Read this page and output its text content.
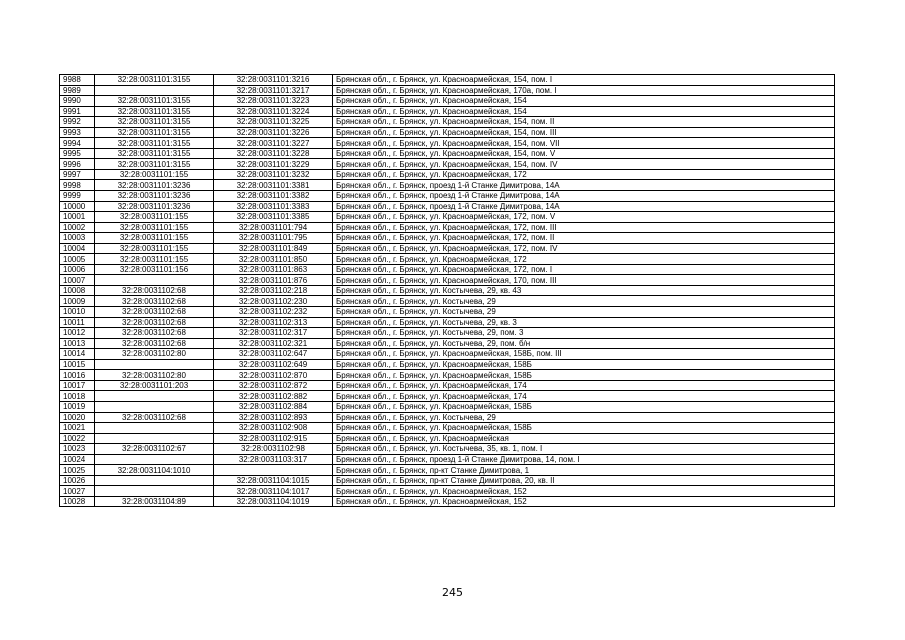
9988	32:28:0031101:3155	32:28:0031101:3216	Брянская обл., г. Брянск, ул. Красноармейская, 154, пом. I
9989		32:28:0031101:3217	Брянская обл., г. Брянск, ул. Красноармейская, 170а, пом. I
9990	32:28:0031101:3155	32:28:0031101:3223	Брянская обл., г. Брянск, ул. Красноармейская, 154
9991	32:28:0031101:3155	32:28:0031101:3224	Брянская обл., г. Брянск, ул. Красноармейская, 154
9992	32:28:0031101:3155	32:28:0031101:3225	Брянская обл., г. Брянск, ул. Красноармейская, 154, пом. II
9993	32:28:0031101:3155	32:28:0031101:3226	Брянская обл., г. Брянск, ул. Красноармейская, 154, пом. III
9994	32:28:0031101:3155	32:28:0031101:3227	Брянская обл., г. Брянск, ул. Красноармейская, 154, пом. VII
9995	32:28:0031101:3155	32:28:0031101:3228	Брянская обл., г. Брянск, ул. Красноармейская, 154, пом. V
9996	32:28:0031101:3155	32:28:0031101:3229	Брянская обл., г. Брянск, ул. Красноармейская, 154, пом. IV
9997	32:28:0031101:155	32:28:0031101:3232	Брянская обл., г. Брянск, ул. Красноармейская, 172
9998	32:28:0031101:3236	32:28:0031101:3381	Брянская обл., г. Брянск, проезд 1-й Станке Димитрова, 14А
9999	32:28:0031101:3236	32:28:0031101:3382	Брянская обл., г. Брянск, проезд 1-й Станке Димитрова, 14А
10000	32:28:0031101:3236	32:28:0031101:3383	Брянская обл., г. Брянск, проезд 1-й Станке Димитрова, 14А
10001	32:28:0031101:155	32:28:0031101:3385	Брянская обл., г. Брянск, ул. Красноармейская, 172, пом. V
10002	32:28:0031101:155	32:28:0031101:794	Брянская обл., г. Брянск, ул. Красноармейская, 172, пом. III
10003	32:28:0031101:155	32:28:0031101:795	Брянская обл., г. Брянск, ул. Красноармейская, 172, пом. II
10004	32:28:0031101:155	32:28:0031101:849	Брянская обл., г. Брянск, ул. Красноармейская, 172, пом. IV
10005	32:28:0031101:155	32:28:0031101:850	Брянская обл., г. Брянск, ул. Красноармейская, 172
10006	32:28:0031101:156	32:28:0031101:863	Брянская обл., г. Брянск, ул. Красноармейская, 172, пом. I
10007		32:28:0031101:876	Брянская обл., г. Брянск, ул. Красноармейская, 170, пом. III
10008	32:28:0031102:68	32:28:0031102:218	Брянская обл., г. Брянск, ул. Костычева, 29, кв. 43
10009	32:28:0031102:68	32:28:0031102:230	Брянская обл., г. Брянск, ул. Костычева, 29
10010	32:28:0031102:68	32:28:0031102:232	Брянская обл., г. Брянск, ул. Костычева, 29
10011	32:28:0031102:68	32:28:0031102:313	Брянская обл., г. Брянск, ул. Костычева, 29, кв. 3
10012	32:28:0031102:68	32:28:0031102:317	Брянская обл., г. Брянск, ул. Костычева, 29, пом. 3
10013	32:28:0031102:68	32:28:0031102:321	Брянская обл., г. Брянск, ул. Костычева, 29, пом. б/н
10014	32:28:0031102:80	32:28:0031102:647	Брянская обл., г. Брянск, ул. Красноармейская, 158Б, пом. III
10015		32:28:0031102:649	Брянская обл., г. Брянск, ул. Красноармейская, 158Б
10016	32:28:0031102:80	32:28:0031102:870	Брянская обл., г. Брянск, ул. Красноармейская, 158Б
10017	32:28:0031101:203	32:28:0031102:872	Брянская обл., г. Брянск, ул. Красноармейская, 174
10018		32:28:0031102:882	Брянская обл., г. Брянск, ул. Красноармейская, 174
10019		32:28:0031102:884	Брянская обл., г. Брянск, ул. Красноармейская, 158Б
10020	32:28:0031102:68	32:28:0031102:893	Брянская обл., г. Брянск, ул. Костычева, 29
10021		32:28:0031102:908	Брянская обл., г. Брянск, ул. Красноармейская, 158Б
10022		32:28:0031102:915	Брянская обл., г. Брянск, ул. Красноармейская
10023	32:28:0031102:67	32:28:0031102:98	Брянская обл., г. Брянск, ул. Костычева, 35, кв. 1, пом. I
10024		32:28:0031103:317	Брянская обл., г. Брянск, проезд 1-й Станке Димитрова, 14, пом. I
10025	32:28:0031104:1010		Брянская обл., г. Брянск, пр-кт Станке Димитрова, 1
10026		32:28:0031104:1015	Брянская обл., г. Брянск, пр-кт Станке Димитрова, 20, кв. II
10027		32:28:0031104:1017	Брянская обл., г. Брянск, ул. Красноармейская, 152
10028	32:28:0031104:89	32:28:0031104:1019	Брянская обл., г. Брянск, ул. Красноармейская, 152
245
